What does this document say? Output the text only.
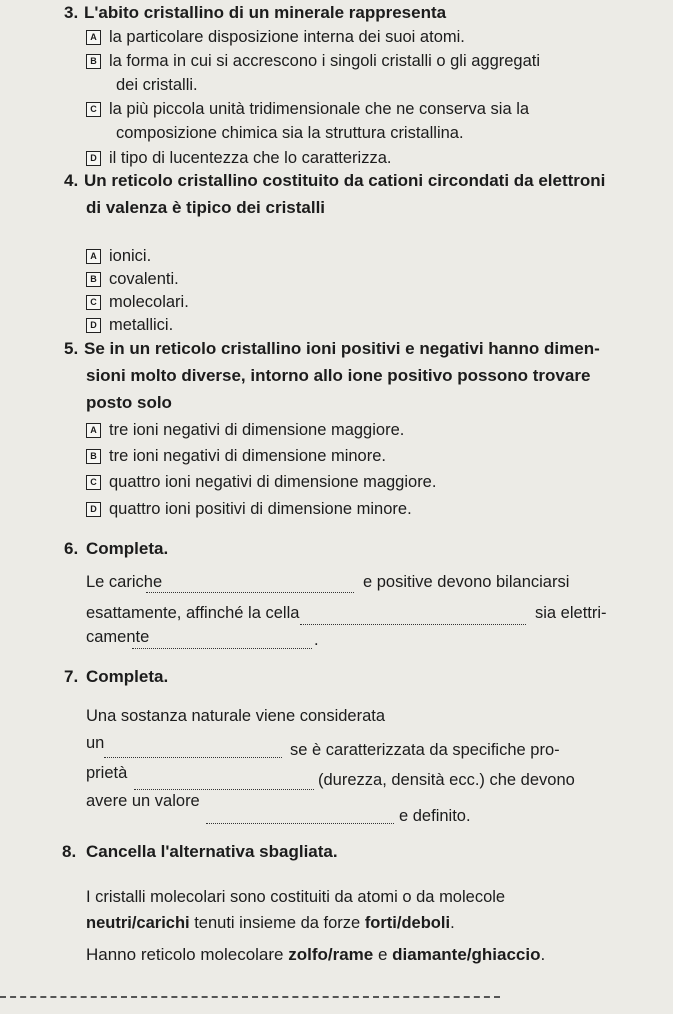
3. L'abito cristallino di un minerale rappresenta
A la particolare disposizione interna dei suoi atomi.
B la forma in cui si accrescono i singoli cristalli o gli aggregati
dei cristalli.
C la più piccola unità tridimensionale che ne conserva sia la
composizione chimica sia la struttura cristallina.
D il tipo di lucentezza che lo caratterizza.
4. Un reticolo cristallino costituito da cationi circondati da elettroni
di valenza è tipico dei cristalli
A ionici.
B covalenti.
C molecolari.
D metallici.
5. Se in un reticolo cristallino ioni positivi e negativi hanno dimen-
sioni molto diverse, intorno allo ione positivo possono trovare
posto solo
A tre ioni negativi di dimensione maggiore.
B tre ioni negativi di dimensione minore.
C quattro ioni negativi di dimensione maggiore.
D quattro ioni positivi di dimensione minore.
6. Completa.
Le cariche	e positive devono bilanciarsi
esattamente, affinché la cella	sia elettri-
camente	.
7. Completa.
Una sostanza naturale viene considerata
un	se è caratterizzata da specifiche pro-
prietà	(durezza, densità ecc.) che devono
avere un valore
e definito.
8. Cancella l'alternativa sbagliata.
I cristalli molecolari sono costituiti da atomi o da molecole
neutri/carichi tenuti insieme da forze forti/deboli.
Hanno reticolo molecolare zolfo/rame e diamante/ghiaccio.
